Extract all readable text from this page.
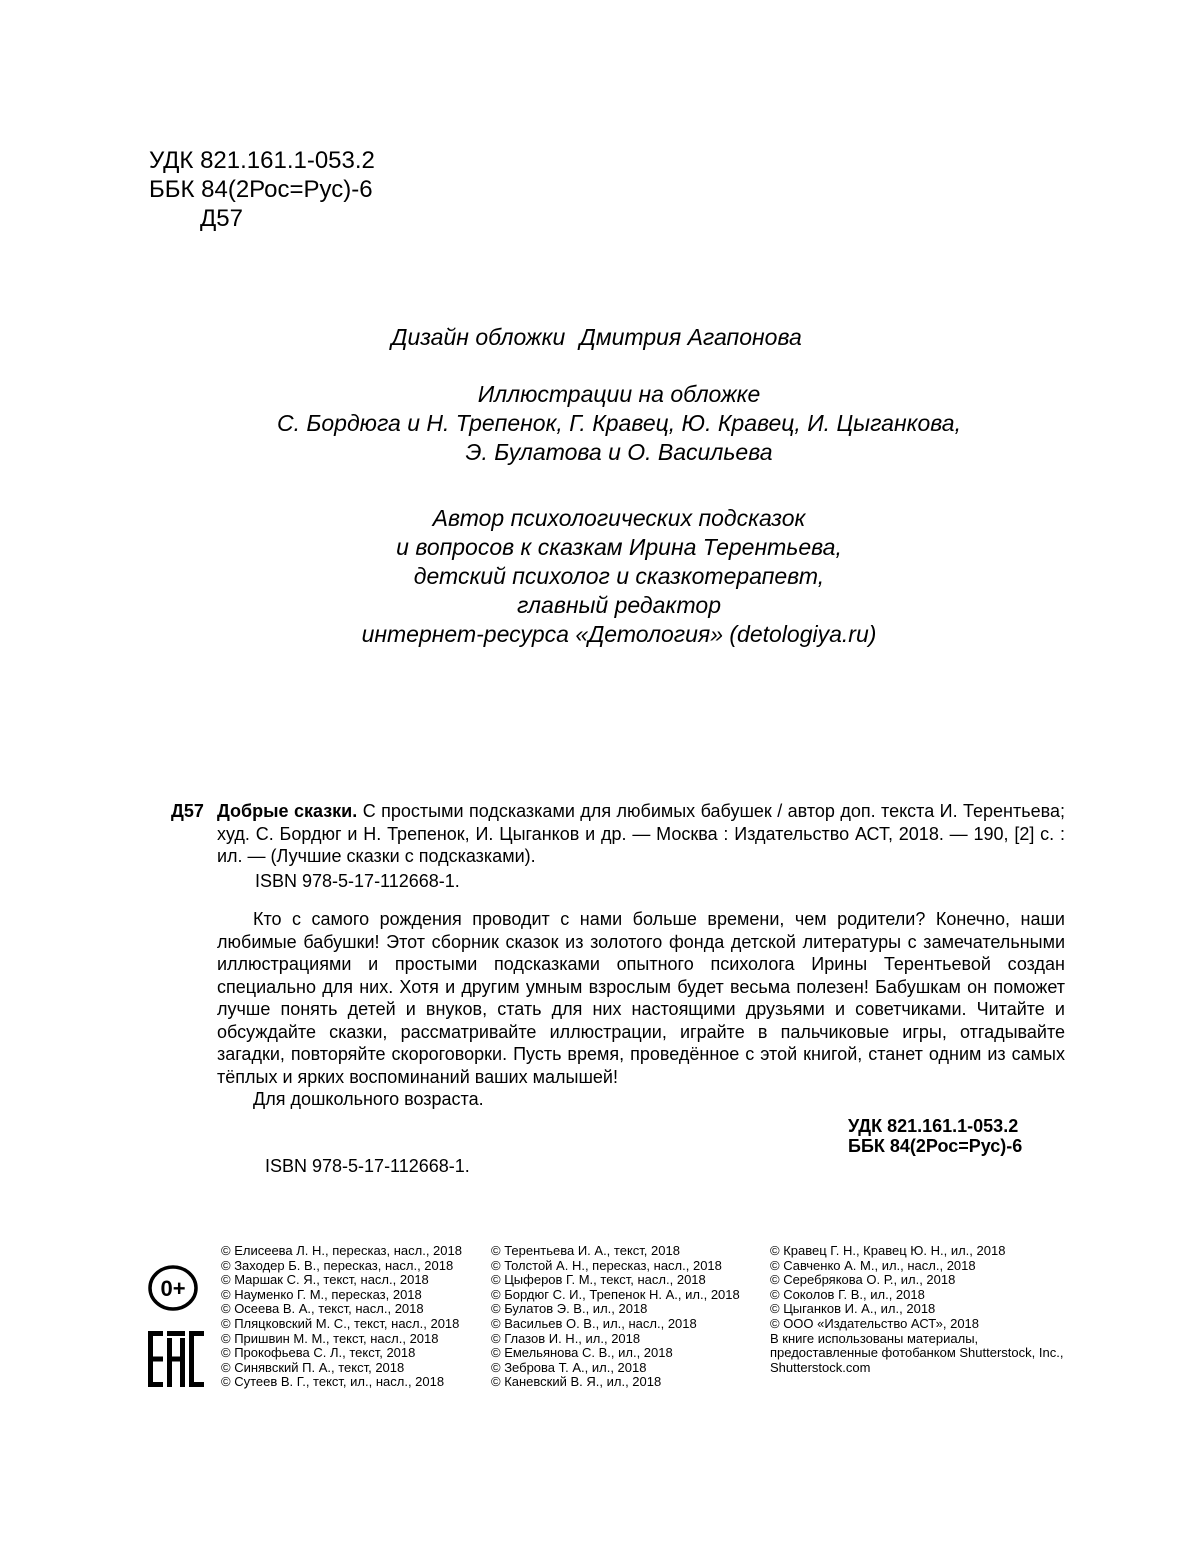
УДК 821.161.1-053.2
ББК 84(2Рос=Рус)-6
Д57
Дизайн обложки Дмитрия Агапонова
Иллюстрации на обложке
С. Бордюга и Н. Трепенок, Г. Кравец, Ю. Кравец, И. Цыганкова,
Э. Булатова и О. Васильева
Автор психологических подсказок
и вопросов к сказкам Ирина Терентьева,
детский психолог и сказкотерапевт,
главный редактор
интернет-ресурса «Детология» (detologiya.ru)
Д57 Добрые сказки. С простыми подсказками для любимых бабушек / автор доп. текста И. Терентьева; худ. С. Бордюг и Н. Трепенок, И. Цыганков и др. — Москва : Издательство АСТ, 2018. — 190, [2] с. : ил. — (Лучшие сказки с подсказками).
ISBN 978-5-17-112668-1.
Кто с самого рождения проводит с нами больше времени, чем родители? Конечно, наши любимые бабушки! Этот сборник сказок из золотого фонда детской литературы с замечательными иллюстрациями и простыми подсказками опытного психолога Ирины Терентьевой создан специально для них. Хотя и другим умным взрослым будет весьма полезен! Бабушкам он поможет лучше понять детей и внуков, стать для них настоящими друзьями и советчиками. Читайте и обсуждайте сказки, рассматривайте иллюстрации, играйте в пальчиковые игры, отгадывайте загадки, повторяйте скороговорки. Пусть время, проведённое с этой книгой, станет одним из самых тёплых и ярких воспоминаний ваших малышей!
Для дошкольного возраста.
УДК 821.161.1-053.2
ББК 84(2Рос=Рус)-6
ISBN 978-5-17-112668-1.
0+
© Елисеева Л. Н., пересказ, насл., 2018
© Заходер Б. В., пересказ, насл., 2018
© Маршак С. Я., текст, насл., 2018
© Науменко Г. М., пересказ, 2018
© Осеева В. А., текст, насл., 2018
© Пляцковский М. С., текст, насл., 2018
© Пришвин М. М., текст, насл., 2018
© Прокофьева С. Л., текст, 2018
© Синявский П. А., текст, 2018
© Сутеев В. Г., текст, ил., насл., 2018
© Терентьева И. А., текст, 2018
© Толстой А. Н., пересказ, насл., 2018
© Цыферов Г. М., текст, насл., 2018
© Бордюг С. И., Трепенок Н. А., ил., 2018
© Булатов Э. В., ил., 2018
© Васильев О. В., ил., насл., 2018
© Глазов И. Н., ил., 2018
© Емельянова С. В., ил., 2018
© Зеброва Т. А., ил., 2018
© Каневский В. Я., ил., 2018
© Кравец Г. Н., Кравец Ю. Н., ил., 2018
© Савченко А. М., ил., насл., 2018
© Серебрякова О. Р., ил., 2018
© Соколов Г. В., ил., 2018
© Цыганков И. А., ил., 2018
© ООО «Издательство АСТ», 2018
В книге использованы материалы,
предоставленные фотобанком Shutterstock, Inc.,
Shutterstock.com
